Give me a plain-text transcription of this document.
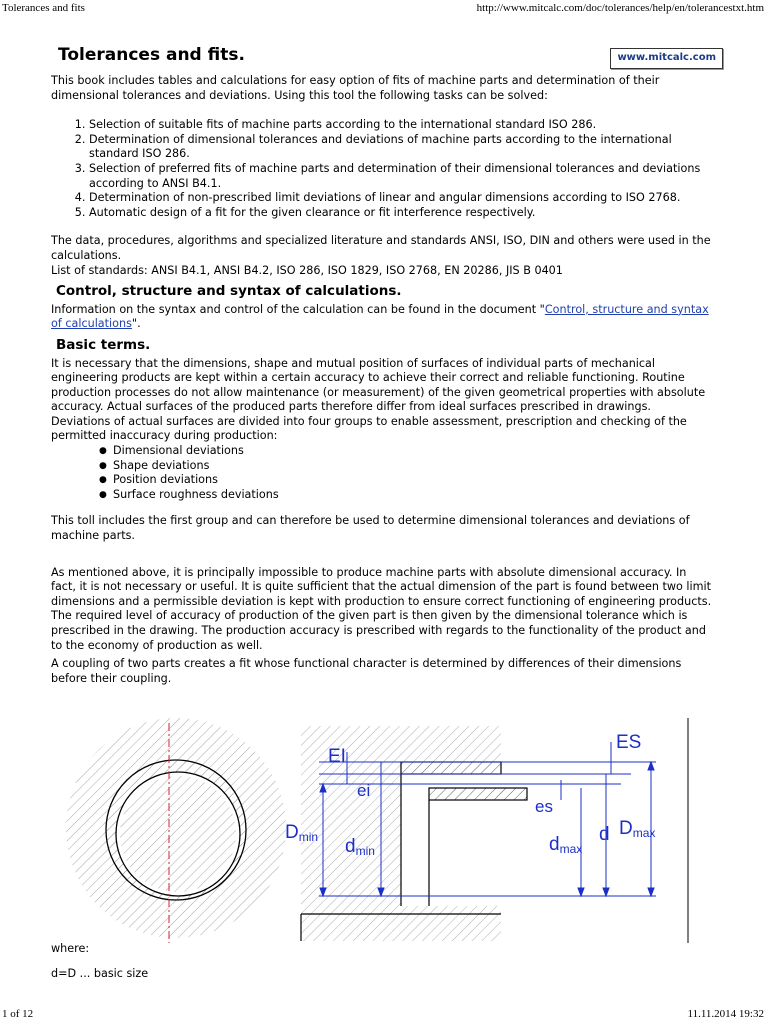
Tolerances and fits	http://www.mitcalc.com/doc/tolerances/help/en/tolerancestxt.htm
Tolerances and fits.	www.mitcalc.com

This book includes tables and calculations for easy option of fits of machine parts and determination of their dimensional tolerances and deviations. Using this tool the following tasks can be solved:

1. Selection of suitable fits of machine parts according to the international standard ISO 286.
2. Determination of dimensional tolerances and deviations of machine parts according to the international standard ISO 286.
3. Selection of preferred fits of machine parts and determination of their dimensional tolerances and deviations according to ANSI B4.1.
4. Determination of non-prescribed limit deviations of linear and angular dimensions according to ISO 2768.
5. Automatic design of a fit for the given clearance or fit interference respectively.

The data, procedures, algorithms and specialized literature and standards ANSI, ISO, DIN and others were used in the calculations.

List of standards: ANSI B4.1, ANSI B4.2, ISO 286, ISO 1829, ISO 2768, EN 20286, JIS B 0401

Control, structure and syntax of calculations.

Information on the syntax and control of the calculation can be found in the document "Control, structure and syntax of calculations".

Basic terms.

It is necessary that the dimensions, shape and mutual position of surfaces of individual parts of mechanical engineering products are kept within a certain accuracy to achieve their correct and reliable functioning. Routine production processes do not allow maintenance (or measurement) of the given geometrical properties with absolute accuracy. Actual surfaces of the produced parts therefore differ from ideal surfaces prescribed in drawings. Deviations of actual surfaces are divided into four groups to enable assessment, prescription and checking of the permitted inaccuracy during production:

● Dimensional deviations
● Shape deviations
● Position deviations
● Surface roughness deviations

This toll includes the first group and can therefore be used to determine dimensional tolerances and deviations of machine parts.

As mentioned above, it is principally impossible to produce machine parts with absolute dimensional accuracy. In fact, it is not necessary or useful. It is quite sufficient that the actual dimension of the part is found between two limit dimensions and a permissible deviation is kept with production to ensure correct functioning of engineering products. The required level of accuracy of production of the given part is then given by the dimensional tolerance which is prescribed in the drawing. The production accuracy is prescribed with regards to the functionality of the product and to the economy of production as well.

A coupling of two parts creates a fit whose functional character is determined by differences of their dimensions before their coupling.

EI
ES
ei
es
Dmin dmin	dmax
d Dmax

where:

d=D ... basic size

1 of 12	11.11.2014 19:32
